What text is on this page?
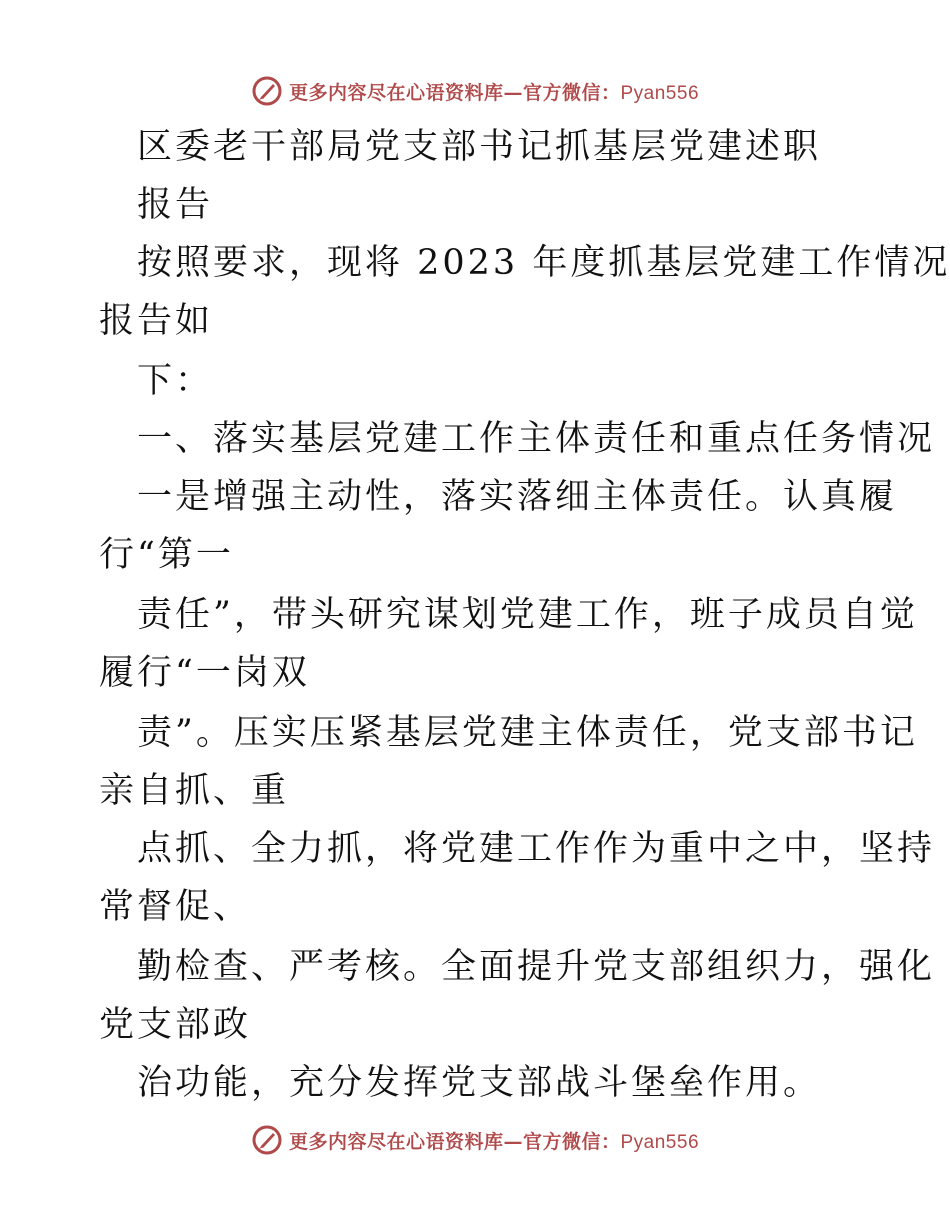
更多内容尽在心语资料库—官方微信：Pyan556
区委老干部局党支部书记抓基层党建述职
报告
按照要求，现将 2023 年度抓基层党建工作情况
报告如
下：
一、落实基层党建工作主体责任和重点任务情况
一是增强主动性，落实落细主体责任。认真履
行“第一
责任”，带头研究谋划党建工作，班子成员自觉
履行“一岗双
责”。压实压紧基层党建主体责任，党支部书记
亲自抓、重
点抓、全力抓，将党建工作作为重中之中，坚持
常督促、
勤检查、严考核。全面提升党支部组织力，强化
党支部政
治功能，充分发挥党支部战斗堡垒作用。
更多内容尽在心语资料库—官方微信：Pyan556
